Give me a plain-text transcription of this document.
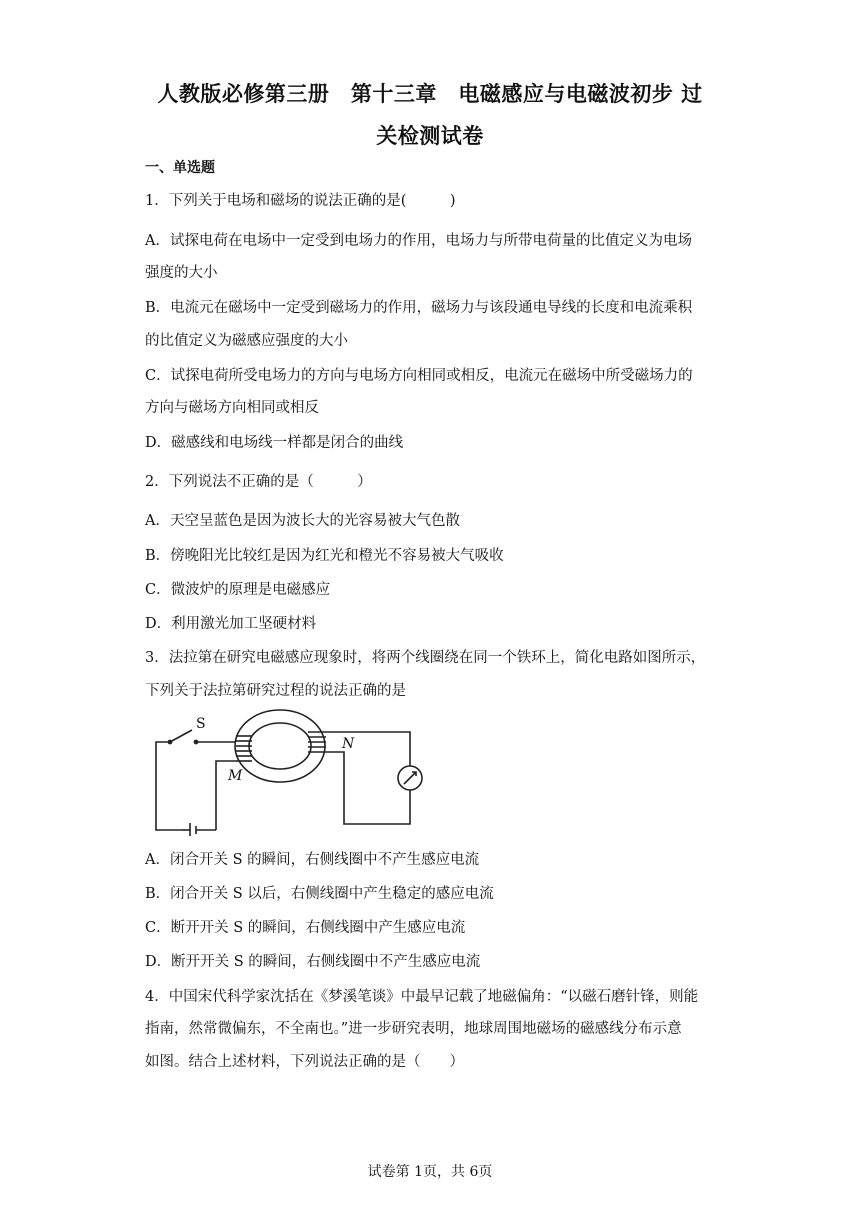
人教版必修第三册　第十三章　电磁感应与电磁波初步 过
关检测试卷
一、单选题
1．下列关于电场和磁场的说法正确的是(　　　)
A．试探电荷在电场中一定受到电场力的作用，电场力与所带电荷量的比值定义为电场
强度的大小
B．电流元在磁场中一定受到磁场力的作用，磁场力与该段通电导线的长度和电流乘积
的比值定义为磁感应强度的大小
C．试探电荷所受电场力的方向与电场方向相同或相反，电流元在磁场中所受磁场力的
方向与磁场方向相同或相反
D．磁感线和电场线一样都是闭合的曲线
2．下列说法不正确的是（　　　）
A．天空呈蓝色是因为波长大的光容易被大气色散
B．傍晚阳光比较红是因为红光和橙光不容易被大气吸收
C．微波炉的原理是电磁感应
D．利用激光加工坚硬材料
3．法拉第在研究电磁感应现象时，将两个线圈绕在同一个铁环上，简化电路如图所示，
下列关于法拉第研究过程的说法正确的是
S
M
N
A．闭合开关 S 的瞬间，右侧线圈中不产生感应电流
B．闭合开关 S 以后，右侧线圈中产生稳定的感应电流
C．断开开关 S 的瞬间，右侧线圈中产生感应电流
D．断开开关 S 的瞬间，右侧线圈中不产生感应电流
4．中国宋代科学家沈括在《梦溪笔谈》中最早记载了地磁偏角：“以磁石磨针锋，则能
指南，然常微偏东，不全南也。”进一步研究表明，地球周围地磁场的磁感线分布示意
如图。结合上述材料，下列说法正确的是（　　）
试卷第 1页，共 6页
